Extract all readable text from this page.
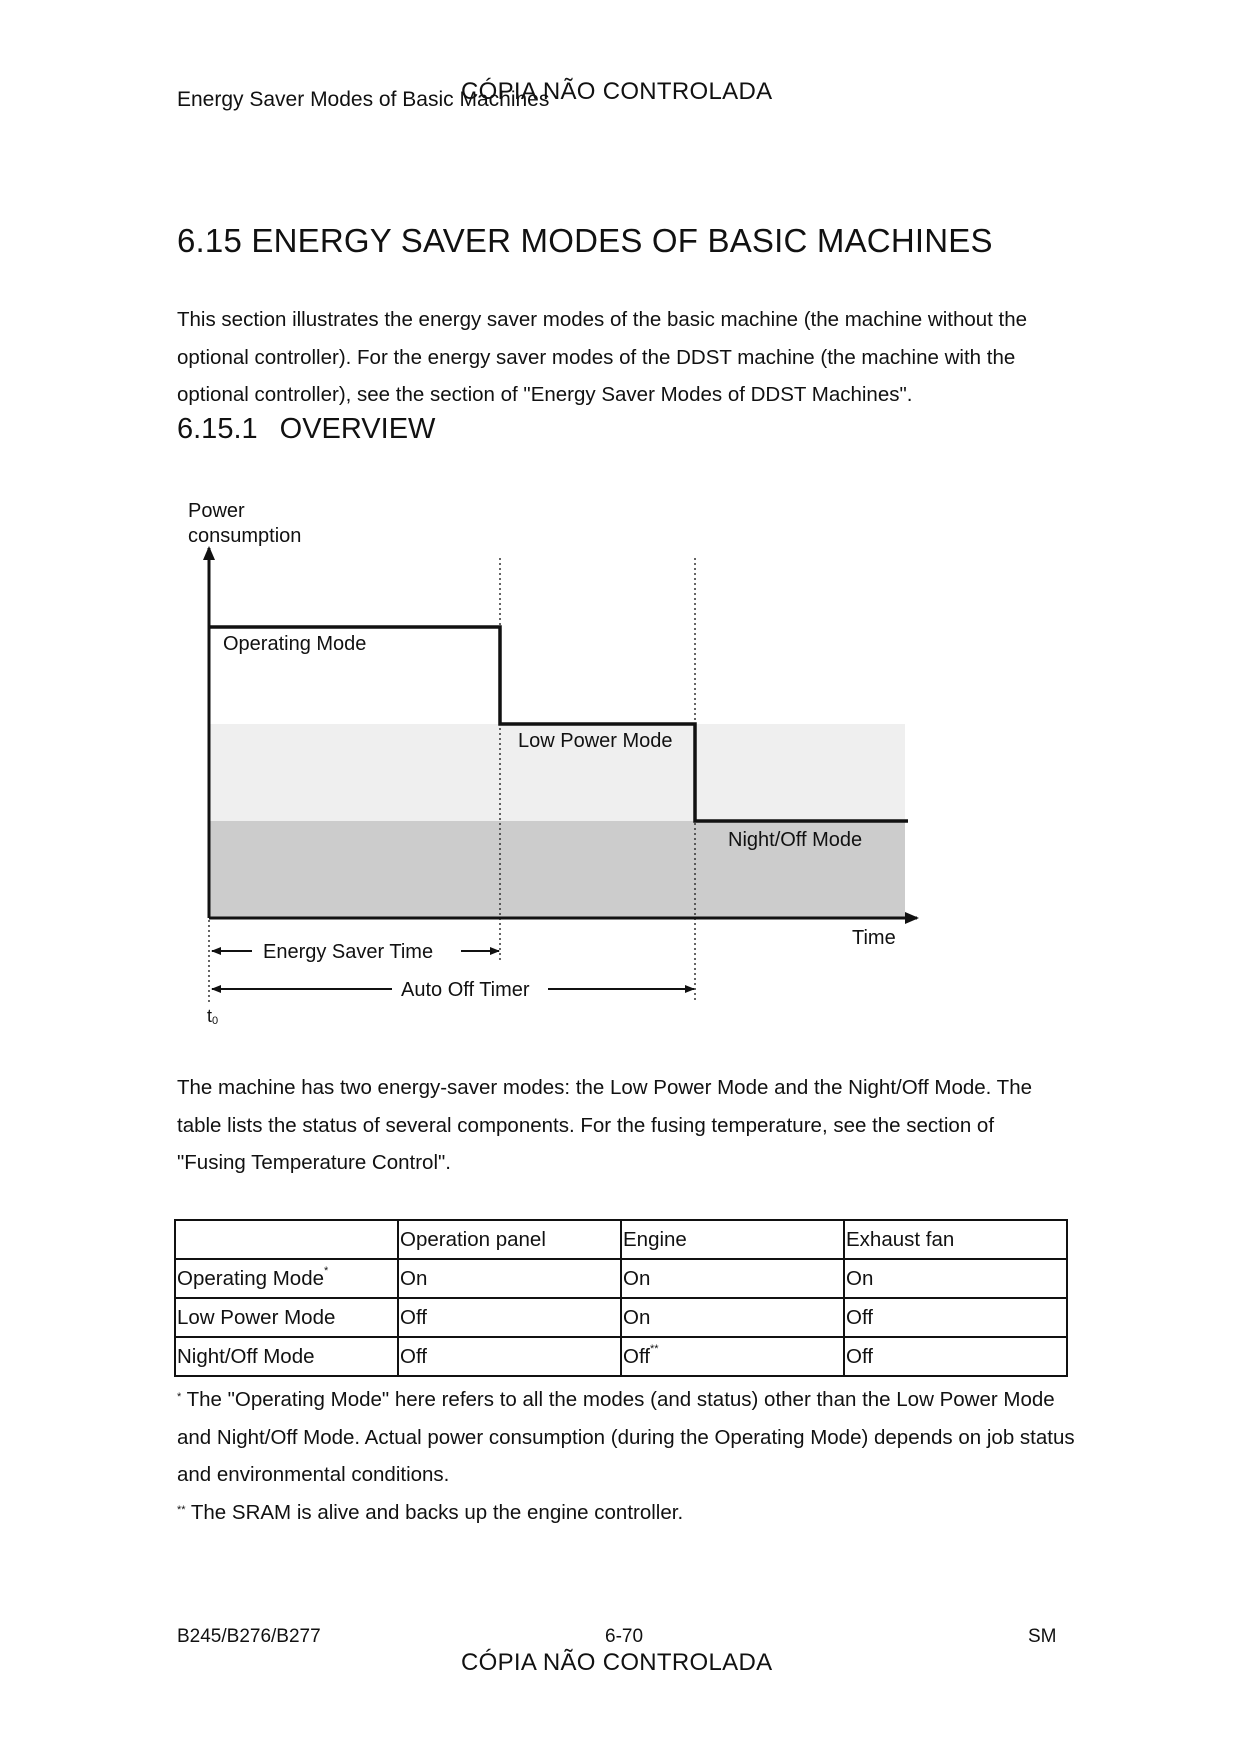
Energy Saver Modes of Basic Machines
CÓPIA NÃO CONTROLADA
6.15 ENERGY SAVER MODES OF BASIC MACHINES

This section illustrates the energy saver modes of the basic machine (the machine without the optional controller). For the energy saver modes of the DDST machine (the machine with the optional controller), see the section of "Energy Saver Modes of DDST Machines".

6.15.1 OVERVIEW
Power
consumption
Time
Operating Mode
Low Power Mode
Night/Off Mode
Energy Saver Time
Auto Off Timer
t0

The machine has two energy-saver modes: the Low Power Mode and the Night/Off Mode. The table lists the status of several components. For the fusing temperature, see the section of "Fusing Temperature Control".

	Operation panel	Engine	Exhaust fan
Operating Mode*	On	On	On
Low Power Mode	Off	On	Off
Night/Off Mode	Off	Off**	Off

* The "Operating Mode" here refers to all the modes (and status) other than the Low Power Mode and Night/Off Mode. Actual power consumption (during the Operating Mode) depends on job status and environmental conditions.

** The SRAM is alive and backs up the engine controller.

B245/B276/B277	6-70	SM
CÓPIA NÃO CONTROLADA
